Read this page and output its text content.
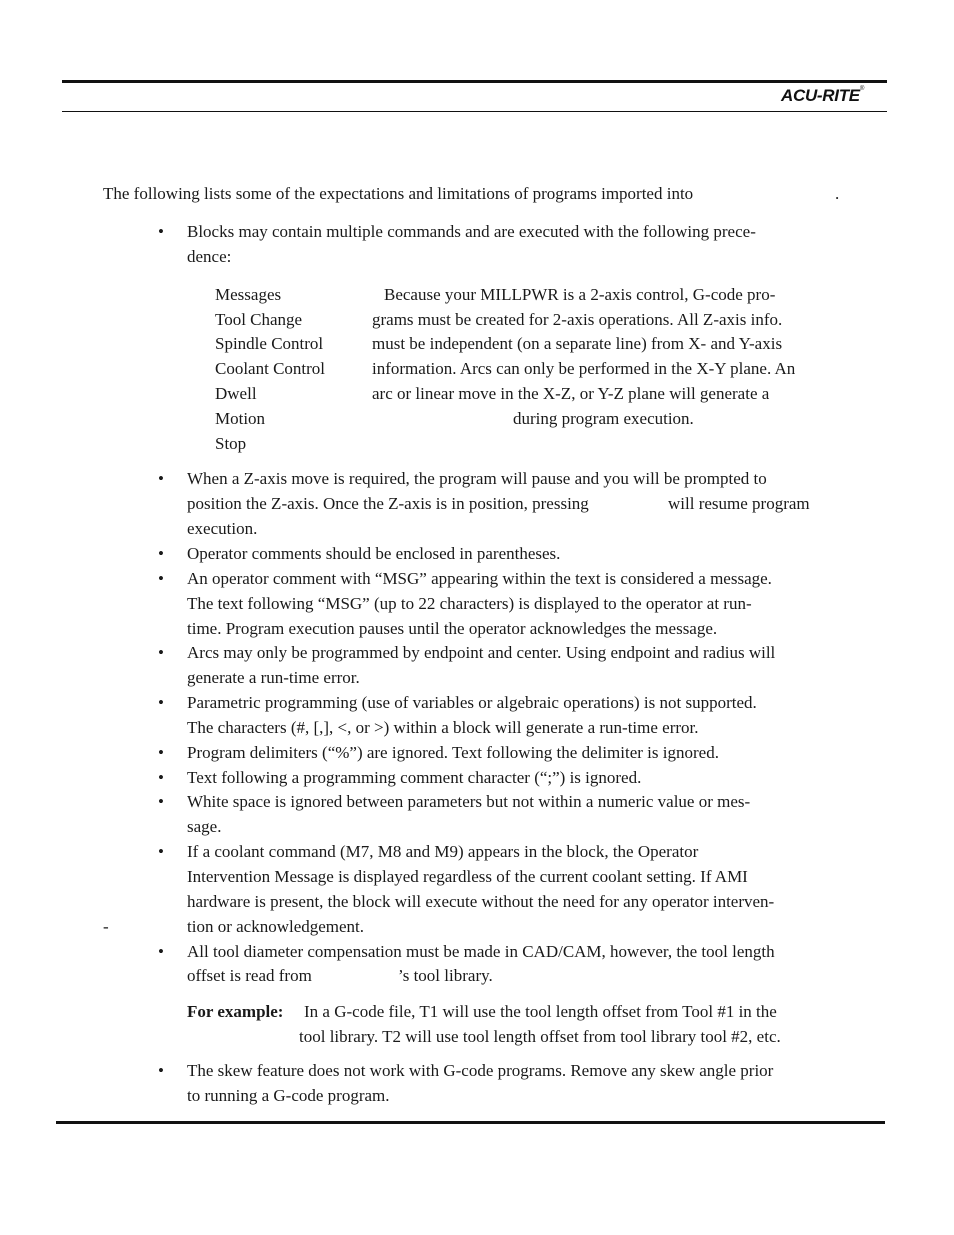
ACU-RITE®
The following lists some of the expectations and limitations of programs imported into	.
• Blocks may contain multiple commands and are executed with the following prece-
dence:
Messages
Tool Change
Spindle Control
Coolant Control
Dwell
Motion
Stop
Because your MILLPWR is a 2-axis control, G-code pro-
grams must be created for 2-axis operations. All Z-axis info.
must be independent (on a separate line) from X- and Y-axis
information. Arcs can only be performed in the X-Y plane. An
arc or linear move in the X-Z, or Y-Z plane will generate a
during program execution.
• When a Z-axis move is required, the program will pause and you will be prompted to
position the Z-axis. Once the Z-axis is in position, pressing	will resume program
execution.
• Operator comments should be enclosed in parentheses.
• An operator comment with “MSG” appearing within the text is considered a message.
The text following “MSG” (up to 22 characters) is displayed to the operator at run-
time. Program execution pauses until the operator acknowledges the message.
• Arcs may only be programmed by endpoint and center. Using endpoint and radius will
generate a run-time error.
• Parametric programming (use of variables or algebraic operations) is not supported.
The characters (#, [,], <, or >) within a block will generate a run-time error.
• Program delimiters (“%”) are ignored. Text following the delimiter is ignored.
• Text following a programming comment character (“;”) is ignored.
• White space is ignored between parameters but not within a numeric value or mes-
sage.
• If a coolant command (M7, M8 and M9) appears in the block, the Operator
Intervention Message is displayed regardless of the current coolant setting. If AMI
hardware is present, the block will execute without the need for any operator interven-
-	tion or acknowledgement.
• All tool diameter compensation must be made in CAD/CAM, however, the tool length
offset is read from	’s tool library.
For example: In a G-code file, T1 will use the tool length offset from Tool #1 in the
tool library. T2 will use tool length offset from tool library tool #2, etc.
• The skew feature does not work with G-code programs. Remove any skew angle prior
to running a G-code program.
